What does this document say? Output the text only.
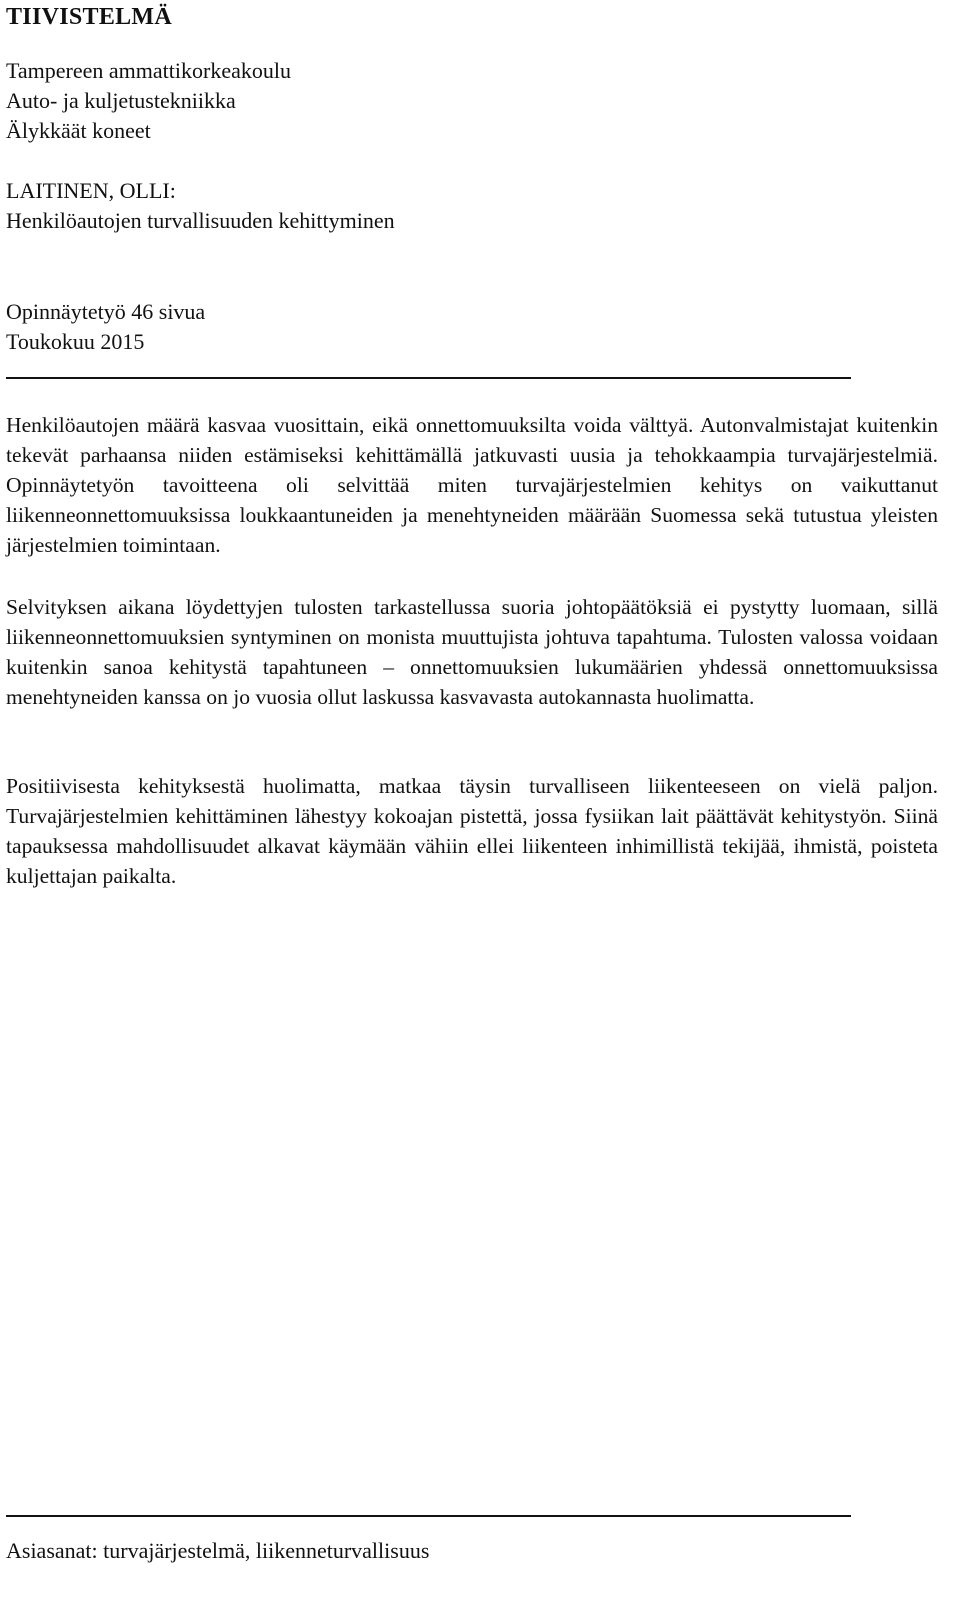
TIIVISTELMÄ

Tampereen ammattikorkeakoulu

Auto- ja kuljetustekniikka

Älykkäät koneet

LAITINEN, OLLI:

Henkilöautojen turvallisuuden kehittyminen

Opinnäytetyö 46 sivua

Toukokuu 2015

Henkilöautojen määrä kasvaa vuosittain, eikä onnettomuuksilta voida välttyä. Autonvalmistajat kuitenkin tekevät parhaansa niiden estämiseksi kehittämällä jatkuvasti uusia ja tehokkaampia turvajärjestelmiä. Opinnäytetyön tavoitteena oli selvittää miten turvajärjestelmien kehitys on vaikuttanut liikenneonnettomuuksissa loukkaantuneiden ja menehtyneiden määrään Suomessa sekä tutustua yleisten järjestelmien toimintaan.

Selvityksen aikana löydettyjen tulosten tarkastellussa suoria johtopäätöksiä ei pystytty luomaan, sillä liikenneonnettomuuksien syntyminen on monista muuttujista johtuva tapahtuma. Tulosten valossa voidaan kuitenkin sanoa kehitystä tapahtuneen – onnettomuuksien lukumäärien yhdessä onnettomuuksissa menehtyneiden kanssa on jo vuosia ollut laskussa kasvavasta autokannasta huolimatta.

Positiivisesta kehityksestä huolimatta, matkaa täysin turvalliseen liikenteeseen on vielä paljon. Turvajärjestelmien kehittäminen lähestyy kokoajan pistettä, jossa fysiikan lait päättävät kehitystyön. Siinä tapauksessa mahdollisuudet alkavat käymään vähiin ellei liikenteen inhimillistä tekijää, ihmistä, poisteta kuljettajan paikalta.

Asiasanat: turvajärjestelmä, liikenneturvallisuus
